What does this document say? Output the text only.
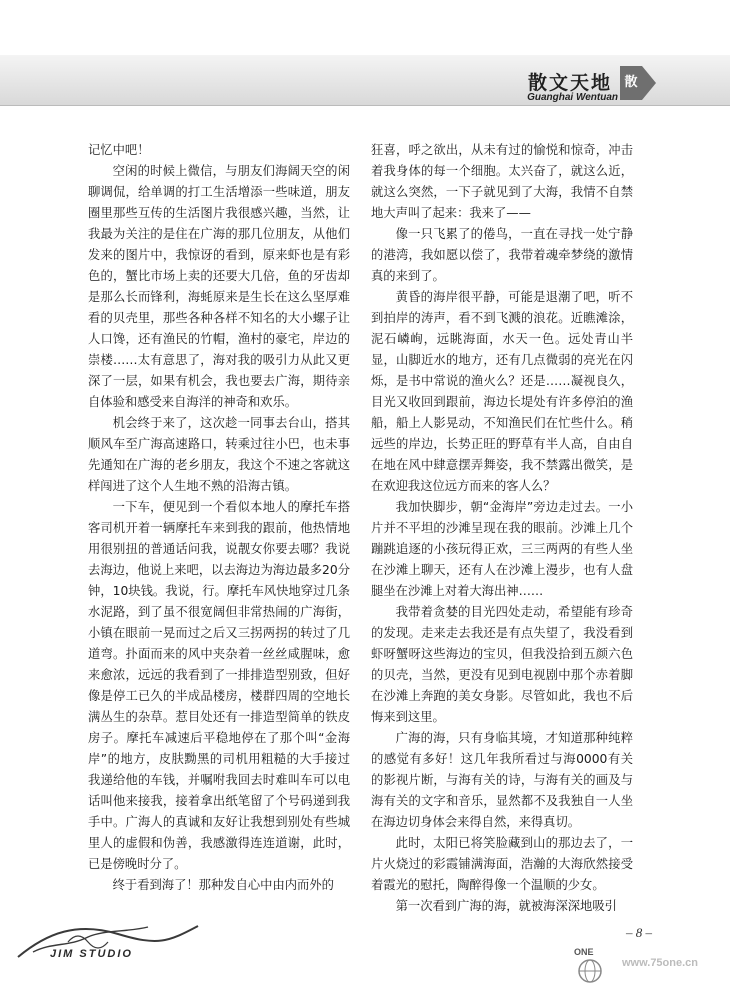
散文天地
Guanghai Wentuan
散

记忆中吧！

空闲的时候上微信，与朋友们海阔天空的闲聊调侃，给单调的打工生活增添一些味道，朋友圈里那些互传的生活图片我很感兴趣，当然，让我最为关注的是住在广海的那几位朋友，从他们发来的图片中，我惊讶的看到，原来虾也是有彩色的，蟹比市场上卖的还要大几倍，鱼的牙齿却是那么长而锋利，海蚝原来是生长在这么坚厚难看的贝壳里，那些各种各样不知名的大小螺子让人口馋，还有渔民的竹帽，渔村的豪宅，岸边的崇楼……太有意思了，海对我的吸引力从此又更深了一层，如果有机会，我也要去广海，期待亲自体验和感受来自海洋的神奇和欢乐。

机会终于来了，这次趁一同事去台山，搭其顺风车至广海高速路口，转乘过往小巴，也未事先通知在广海的老乡朋友，我这个不速之客就这样闯进了这个人生地不熟的沿海古镇。

一下车，便见到一个看似本地人的摩托车搭客司机开着一辆摩托车来到我的跟前，他热情地用很别扭的普通话问我，说靓女你要去哪？我说去海边，他说上来吧，以去海边为海边最多20分钟，10块钱。我说，行。摩托车风快地穿过几条水泥路，到了虽不很宽阔但非常热闹的广海街，小镇在眼前一晃而过之后又三拐两拐的转过了几道弯。扑面而来的风中夹杂着一丝丝咸腥味，愈来愈浓，远远的我看到了一排排造型别致，但好像是停工已久的半成品楼房，楼群四周的空地长满丛生的杂草。惹目处还有一排造型简单的铁皮房子。摩托车减速后平稳地停在了那个叫“金海岸”的地方，皮肤黝黑的司机用粗糙的大手接过我递给他的车钱，并嘱咐我回去时难叫车可以电话叫他来接我，接着拿出纸笔留了个号码递到我手中。广海人的真诚和友好让我想到别处有些城里人的虚假和伪善，我感激得连连道谢，此时，已是傍晚时分了。

终于看到海了！那种发自心中由内而外的

狂喜，呼之欲出，从未有过的愉悦和惊奇，冲击着我身体的每一个细胞。太兴奋了，就这么近，就这么突然，一下子就见到了大海，我情不自禁地大声叫了起来：我来了——

像一只飞累了的倦鸟，一直在寻找一处宁静的港湾，我如愿以偿了，我带着魂牵梦绕的激情真的来到了。

黄昏的海岸很平静，可能是退潮了吧，听不到拍岸的涛声，看不到飞溅的浪花。近瞧滩涂，泥石嶙峋，远眺海面，水天一色。远处青山半显，山脚近水的地方，还有几点微弱的亮光在闪烁，是书中常说的渔火么？还是……凝视良久，目光又收回到跟前，海边长堤处有许多停泊的渔船，船上人影晃动，不知渔民们在忙些什么。稍远些的岸边，长势正旺的野草有半人高，自由自在地在风中肆意摆弄舞姿，我不禁露出微笑，是在欢迎我这位远方而来的客人么？

我加快脚步，朝“金海岸”旁边走过去。一小片并不平坦的沙滩呈现在我的眼前。沙滩上几个蹦跳追逐的小孩玩得正欢，三三两两的有些人坐在沙滩上聊天，还有人在沙滩上漫步，也有人盘腿坐在沙滩上对着大海出神……

我带着贪婪的目光四处走动，希望能有珍奇的发现。走来走去我还是有点失望了，我没看到虾呀蟹呀这些海边的宝贝，但我没拾到五颜六色的贝壳，当然，更没有见到电视剧中那个赤着脚在沙滩上奔跑的美女身影。尽管如此，我也不后悔来到这里。

广海的海，只有身临其境，才知道那种纯粹的感觉有多好！这几年我所看过与海0000有关的影视片断，与海有关的诗，与海有关的画及与海有关的文字和音乐，显然都不及我独自一人坐在海边切身体会来得自然，来得真切。

此时，太阳已将笑脸藏到山的那边去了，一片火烧过的彩霞铺满海面，浩瀚的大海欣然接受着霞光的慰托，陶醉得像一个温顺的少女。

第一次看到广海的海，就被海深深地吸引

– 8 –
JIM STUDIO	ONE
www.75one.cn
